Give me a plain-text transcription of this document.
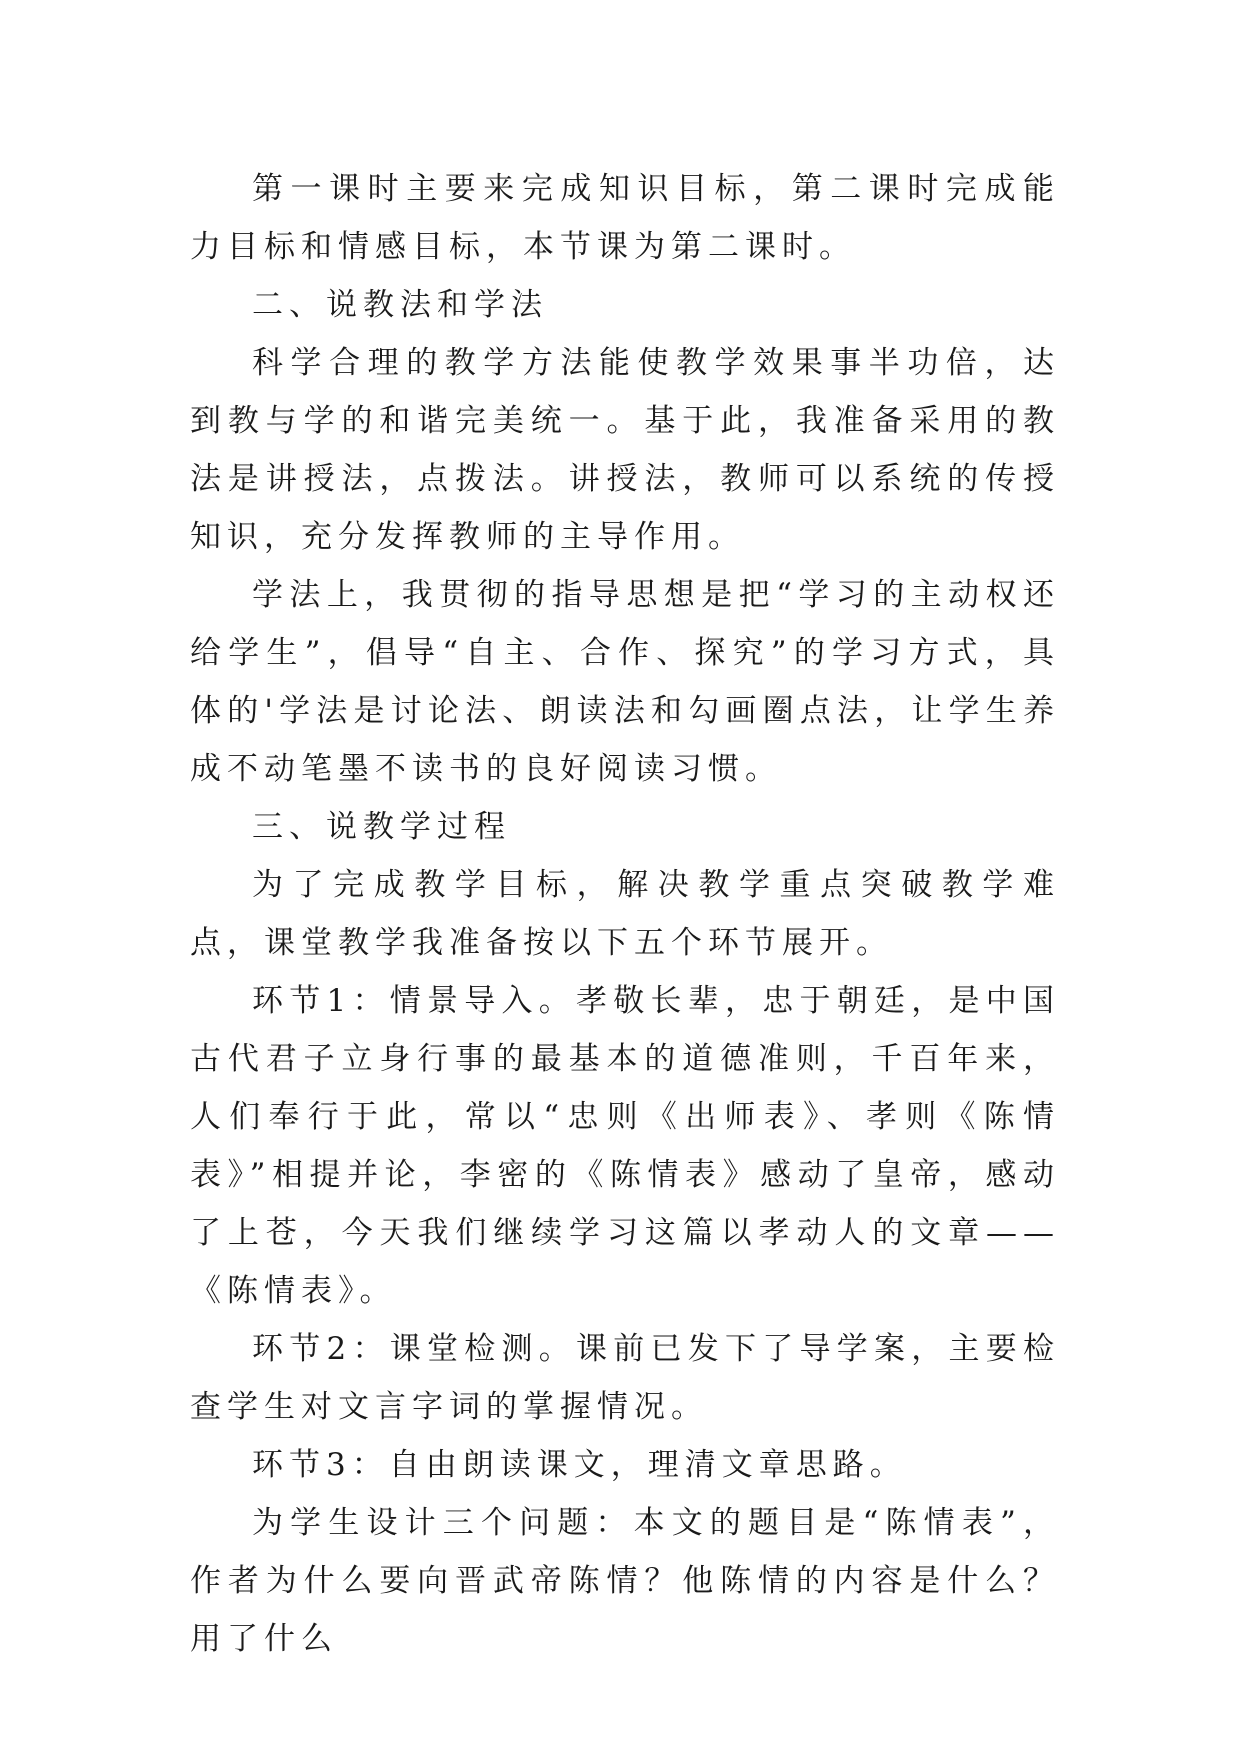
第一课时主要来完成知识目标，第二课时完成能力目标和情感目标，本节课为第二课时。

二、说教法和学法

科学合理的教学方法能使教学效果事半功倍，达到教与学的和谐完美统一。基于此，我准备采用的教法是讲授法，点拨法。讲授法，教师可以系统的传授知识，充分发挥教师的主导作用。

学法上，我贯彻的指导思想是把“学习的主动权还给学生”，倡导“自主、合作、探究”的学习方式，具体的'学法是讨论法、朗读法和勾画圈点法，让学生养成不动笔墨不读书的良好阅读习惯。

三、说教学过程

为了完成教学目标，解决教学重点突破教学难点，课堂教学我准备按以下五个环节展开。

环节1：情景导入。孝敬长辈，忠于朝廷，是中国古代君子立身行事的最基本的道德准则，千百年来，人们奉行于此，常以“忠则《出师表》、孝则《陈情表》”相提并论，李密的《陈情表》感动了皇帝，感动了上苍，今天我们继续学习这篇以孝动人的文章——《陈情表》。

环节2：课堂检测。课前已发下了导学案，主要检查学生对文言字词的掌握情况。

环节3：自由朗读课文，理清文章思路。

为学生设计三个问题：本文的题目是“陈情表”，作者为什么要向晋武帝陈情？他陈情的内容是什么？用了什么
